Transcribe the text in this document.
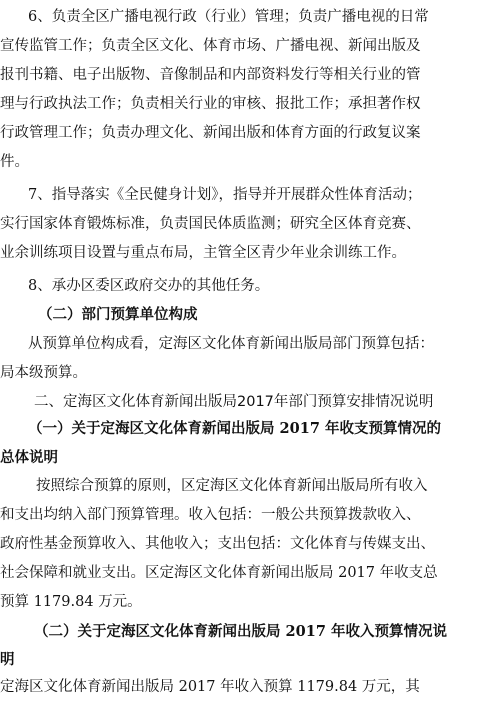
6、负责全区广播电视行政（行业）管理；负责广播电视的日常
宣传监管工作；负责全区文化、体育市场、广播电视、新闻出版及
报刊书籍、电子出版物、音像制品和内部资料发行等相关行业的管
理与行政执法工作；负责相关行业的审核、报批工作；承担著作权
行政管理工作；负责办理文化、新闻出版和体育方面的行政复议案
件。
7、指导落实《全民健身计划》，指导并开展群众性体育活动；
实行国家体育锻炼标准，负责国民体质监测；研究全区体育竞赛、
业余训练项目设置与重点布局，主管全区青少年业余训练工作。
8、承办区委区政府交办的其他任务。
（二）部门预算单位构成
从预算单位构成看，定海区文化体育新闻出版局部门预算包括：
局本级预算。
二、定海区文化体育新闻出版局2017年部门预算安排情况说明
（一）关于定海区文化体育新闻出版局 2017 年收支预算情况的
总体说明
按照综合预算的原则，区定海区文化体育新闻出版局所有收入
和支出均纳入部门预算管理。收入包括：一般公共预算拨款收入、
政府性基金预算收入、其他收入；支出包括：文化体育与传媒支出、
社会保障和就业支出。区定海区文化体育新闻出版局 2017 年收支总
预算 1179.84 万元。
（二）关于定海区文化体育新闻出版局 2017 年收入预算情况说
明
定海区文化体育新闻出版局 2017 年收入预算 1179.84 万元，其
